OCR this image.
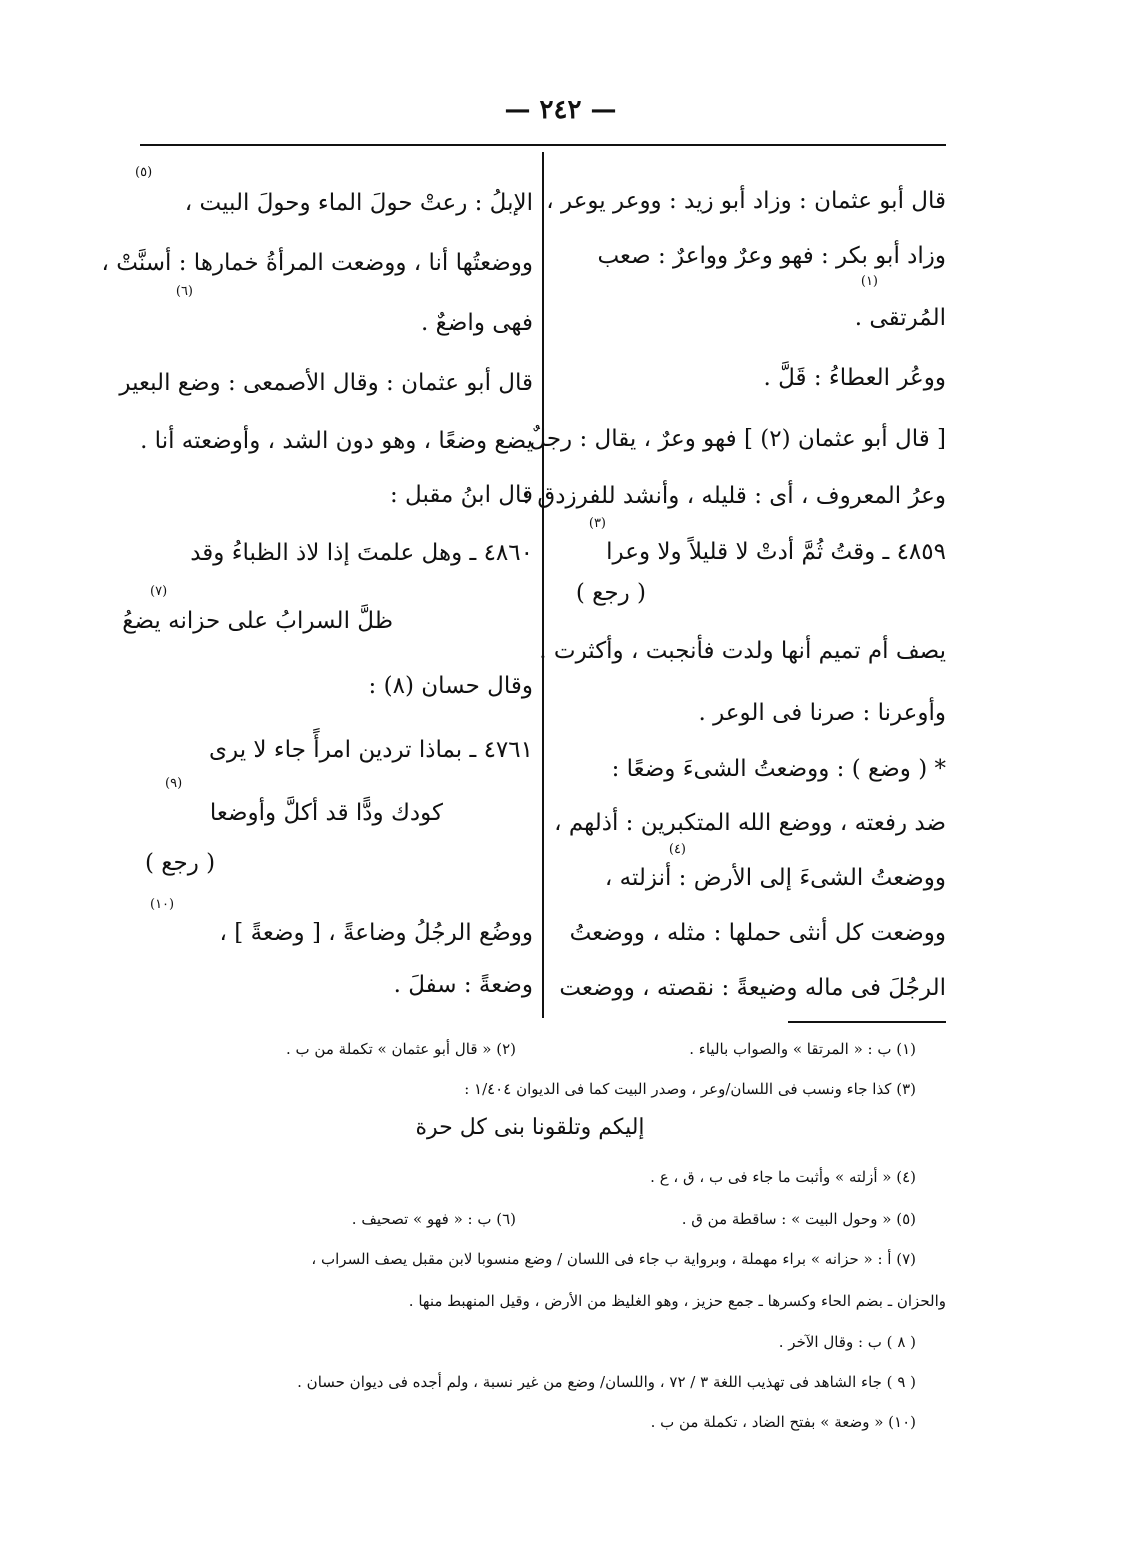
— ٢٤٢ —
قال أبو عثمان : وزاد أبو زيد : ووعر يوعر ،
وزاد أبو بكر : فهو وعرٌ وواعرٌ : صعب
(١)
المُرتقى .
ووعُر العطاءُ : قَلَّ .
[ قال أبو عثمان (٢) ] فهو وعرٌ ، يقال : رجلٌ
وعرُ المعروف ، أى : قليله ، وأنشد للفرزدق :
(٣)
٤٨٥٩ ـ وقتُ ثُمَّ أدتْ لا قليلاً ولا وعرا
( رجع )
يصف أم تميم أنها ولدت فأنجبت ، وأكثرت .
وأوعرنا : صرنا فى الوعر .
* ( وضع ) : ووضعتُ الشىءَ وضعًا :
ضد رفعته ، ووضع الله المتكبرين : أذلهم ،
(٤)
ووضعتُ الشىءَ إلى الأرض : أنزلته ،
ووضعت كل أنثى حملها : مثله ، ووضعتُ
الرجُلَ فى ماله وضيعةً : نقصته ، ووضعت
(٥)
الإبلُ : رعتْ حولَ الماء وحولَ البيت ،
ووضعتُها أنا ، ووضعت المرأةُ خمارها : أسنَّتْ ،
(٦)
فهى واضعٌ .
قال أبو عثمان : وقال الأصمعى : وضع البعير
يضع وضعًا ، وهو دون الشد ، وأوضعته أنا .
قال ابنُ مقبل :
٤٨٦٠ ـ وهل علمتَ إذا لاذ الظباءُ وقد
(٧)
ظلَّ السرابُ على حزانه يضعُ
وقال حسان (٨) :
٤٧٦١ ـ بماذا تردين امرأً جاء لا يرى
(٩)
كودك ودًّا قد أكلَّ وأوضعا
( رجع )
(١٠)
ووضُع الرجُلُ وضاعةً ، [ وضعةً ] ،
وضعةً : سفلَ .
(١) ب : « المرتقا » والصواب بالياء .
(٢) « قال أبو عثمان » تكملة من ب .
(٣) كذا جاء ونسب فى اللسان/وعر ، وصدر البيت كما فى الديوان ١/٤٠٤ :
إليكم وتلقونا بنى كل حرة
(٤) « أزلته » وأثبت ما جاء فى ب ، ق ، ع .
(٥) « وحول البيت » : ساقطة من ق .
(٦) ب : « فهو » تصحيف .
(٧) أ : « حزانه » براء مهملة ، وبرواية ب جاء فى اللسان / وضع منسوبا لابن مقبل يصف السراب ،
والحزان ـ بضم الحاء وكسرها ـ جمع حزيز ، وهو الغليظ من الأرض ، وقيل المنهبط منها .
( ٨ ) ب : وقال الآخر .
( ٩ ) جاء الشاهد فى تهذيب اللغة ٣ / ٧٢ ، واللسان/ وضع من غير نسبة ، ولم أجده فى ديوان حسان .
(١٠) « وضعة » بفتح الضاد ، تكملة من ب .
